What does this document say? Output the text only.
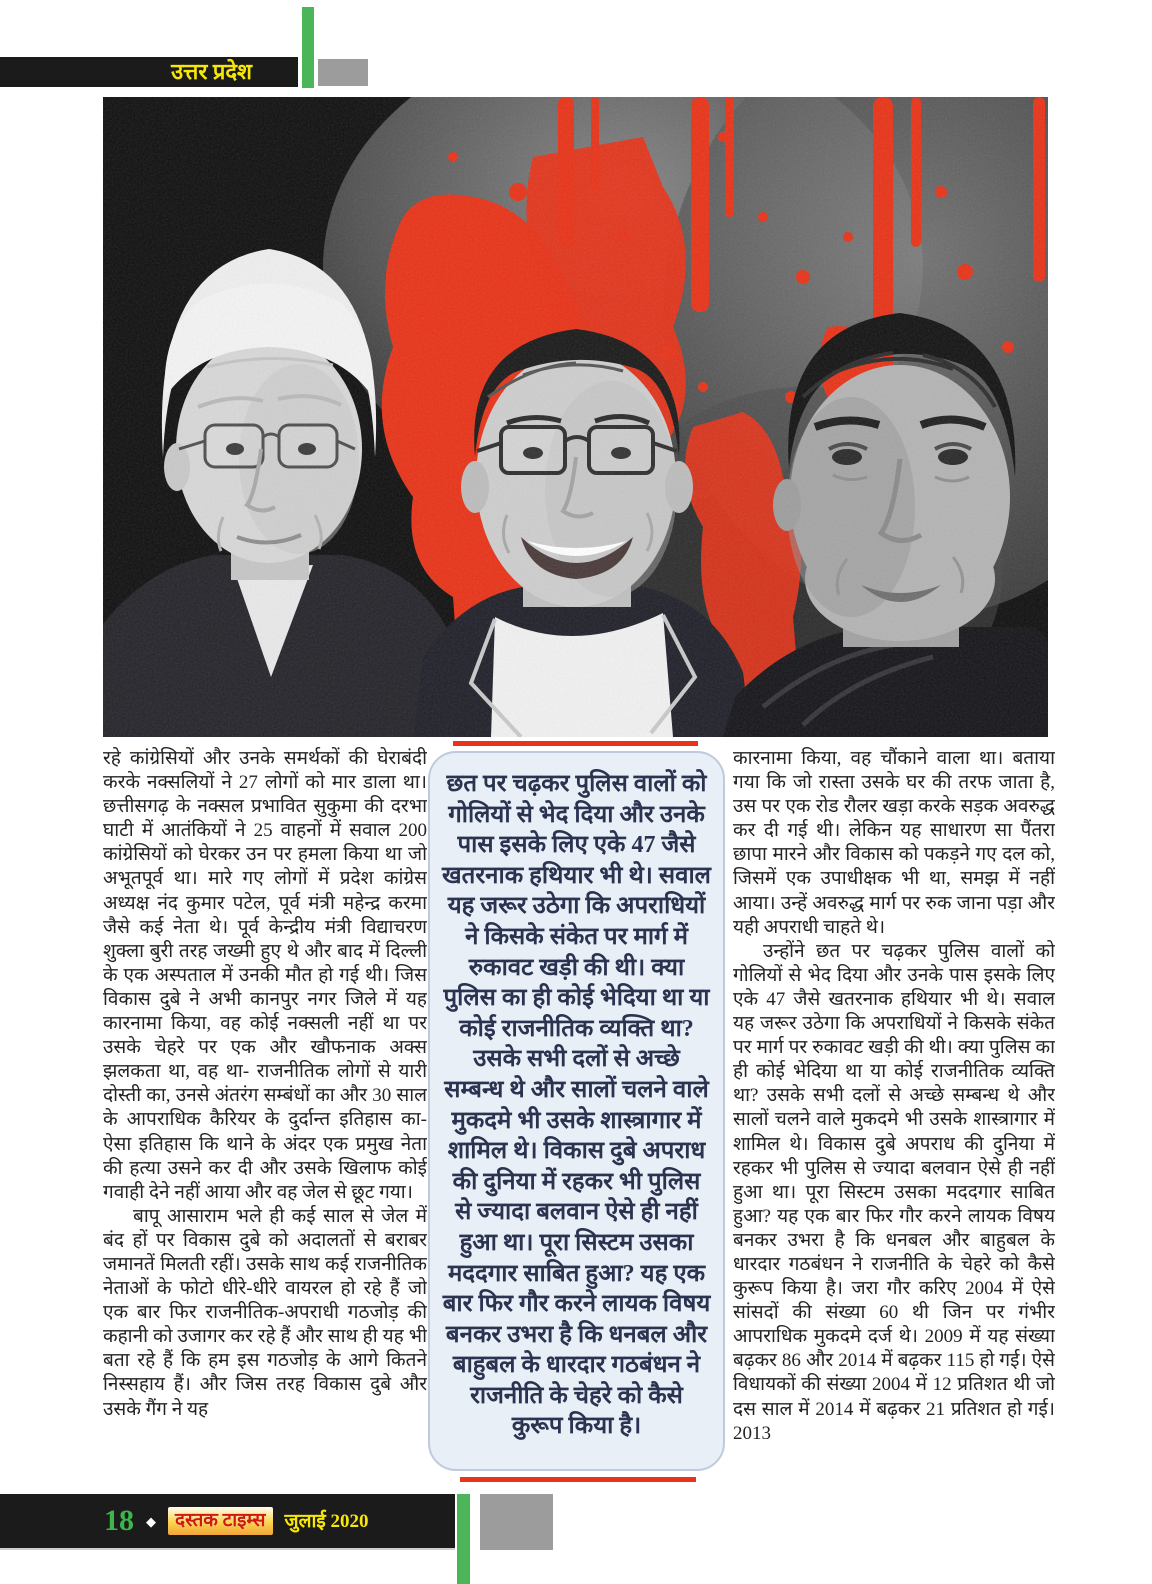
उत्तर प्रदेश

रहे कांग्रेसियों और उनके समर्थकों की घेराबंदी करके नक्सलियों ने 27 लोगों को मार डाला था। छत्तीसगढ़ के नक्सल प्रभावित सुकुमा की दरभा घाटी में आतंकियों ने 25 वाहनों में सवाल 200 कांग्रेसियों को घेरकर उन पर हमला किया था जो अभूतपूर्व था। मारे गए लोगों में प्रदेश कांग्रेस अध्यक्ष नंद कुमार पटेल, पूर्व मंत्री महेन्द्र करमा जैसे कई नेता थे। पूर्व केन्द्रीय मंत्री विद्याचरण शुक्ला बुरी तरह जख्मी हुए थे और बाद में दिल्ली के एक अस्पताल में उनकी मौत हो गई थी। जिस विकास दुबे ने अभी कानपुर नगर जिले में यह कारनामा किया, वह कोई नक्सली नहीं था पर उसके चेहरे पर एक और खौफनाक अक्स झलकता था, वह था- राजनीतिक लोगों से यारी दोस्ती का, उनसे अंतरंग सम्बंधों का और 30 साल के आपराधिक कैरियर के दुर्दान्त इतिहास का- ऐसा इतिहास कि थाने के अंदर एक प्रमुख नेता की हत्या उसने कर दी और उसके खिलाफ कोई गवाही देने नहीं आया और वह जेल से छूट गया।

बापू आसाराम भले ही कई साल से जेल में बंद हों पर विकास दुबे को अदालतों से बराबर जमानतें मिलती रहीं। उसके साथ कई राजनीतिक नेताओं के फोटो धीरे-धीरे वायरल हो रहे हैं जो एक बार फिर राजनीतिक-अपराधी गठजोड़ की कहानी को उजागर कर रहे हैं और साथ ही यह भी बता रहे हैं कि हम इस गठजोड़ के आगे कितने निस्सहाय हैं। और जिस तरह विकास दुबे और उसके गैंग ने यह

छत पर चढ़कर पुलिस वालों को गोलियों से भेद दिया और उनके पास इसके लिए एके 47 जैसे खतरनाक हथियार भी थे। सवाल यह जरूर उठेगा कि अपराधियों ने किसके संकेत पर मार्ग में रुकावट खड़ी की थी। क्या पुलिस का ही कोई भेदिया था या कोई राजनीतिक व्यक्ति था? उसके सभी दलों से अच्छे सम्बन्ध थे और सालों चलने वाले मुकदमे भी उसके शास्त्रागार में शामिल थे। विकास दुबे अपराध की दुनिया में रहकर भी पुलिस से ज्यादा बलवान ऐसे ही नहीं हुआ था। पूरा सिस्टम उसका मददगार साबित हुआ? यह एक बार फिर गौर करने लायक विषय बनकर उभरा है कि धनबल और बाहुबल के धारदार गठबंधन ने राजनीति के चेहरे को कैसे कुरूप किया है।

कारनामा किया, वह चौंकाने वाला था। बताया गया कि जो रास्ता उसके घर की तरफ जाता है, उस पर एक रोड रौलर खड़ा करके सड़क अवरुद्ध कर दी गई थी। लेकिन यह साधारण सा पैंतरा छापा मारने और विकास को पकड़ने गए दल को, जिसमें एक उपाधीक्षक भी था, समझ में नहीं आया। उन्हें अवरुद्ध मार्ग पर रुक जाना पड़ा और यही अपराधी चाहते थे।

उन्होंने छत पर चढ़कर पुलिस वालों को गोलियों से भेद दिया और उनके पास इसके लिए एके 47 जैसे खतरनाक हथियार भी थे। सवाल यह जरूर उठेगा कि अपराधियों ने किसके संकेत पर मार्ग पर रुकावट खड़ी की थी। क्या पुलिस का ही कोई भेदिया था या कोई राजनीतिक व्यक्ति था? उसके सभी दलों से अच्छे सम्बन्ध थे और सालों चलने वाले मुकदमे भी उसके शास्त्रागार में शामिल थे। विकास दुबे अपराध की दुनिया में रहकर भी पुलिस से ज्यादा बलवान ऐसे ही नहीं हुआ था। पूरा सिस्टम उसका मददगार साबित हुआ? यह एक बार फिर गौर करने लायक विषय बनकर उभरा है कि धनबल और बाहुबल के धारदार गठबंधन ने राजनीति के चेहरे को कैसे कुरूप किया है। जरा गौर करिए 2004 में ऐसे सांसदों की संख्या 60 थी जिन पर गंभीर आपराधिक मुकदमे दर्ज थे। 2009 में यह संख्या बढ़कर 86 और 2014 में बढ़कर 115 हो गई। ऐसे विधायकों की संख्या 2004 में 12 प्रतिशत थी जो दस साल में 2014 में बढ़कर 21 प्रतिशत हो गई। 2013

18 ◆	दस्तक टाइम्स	जुलाई 2020
